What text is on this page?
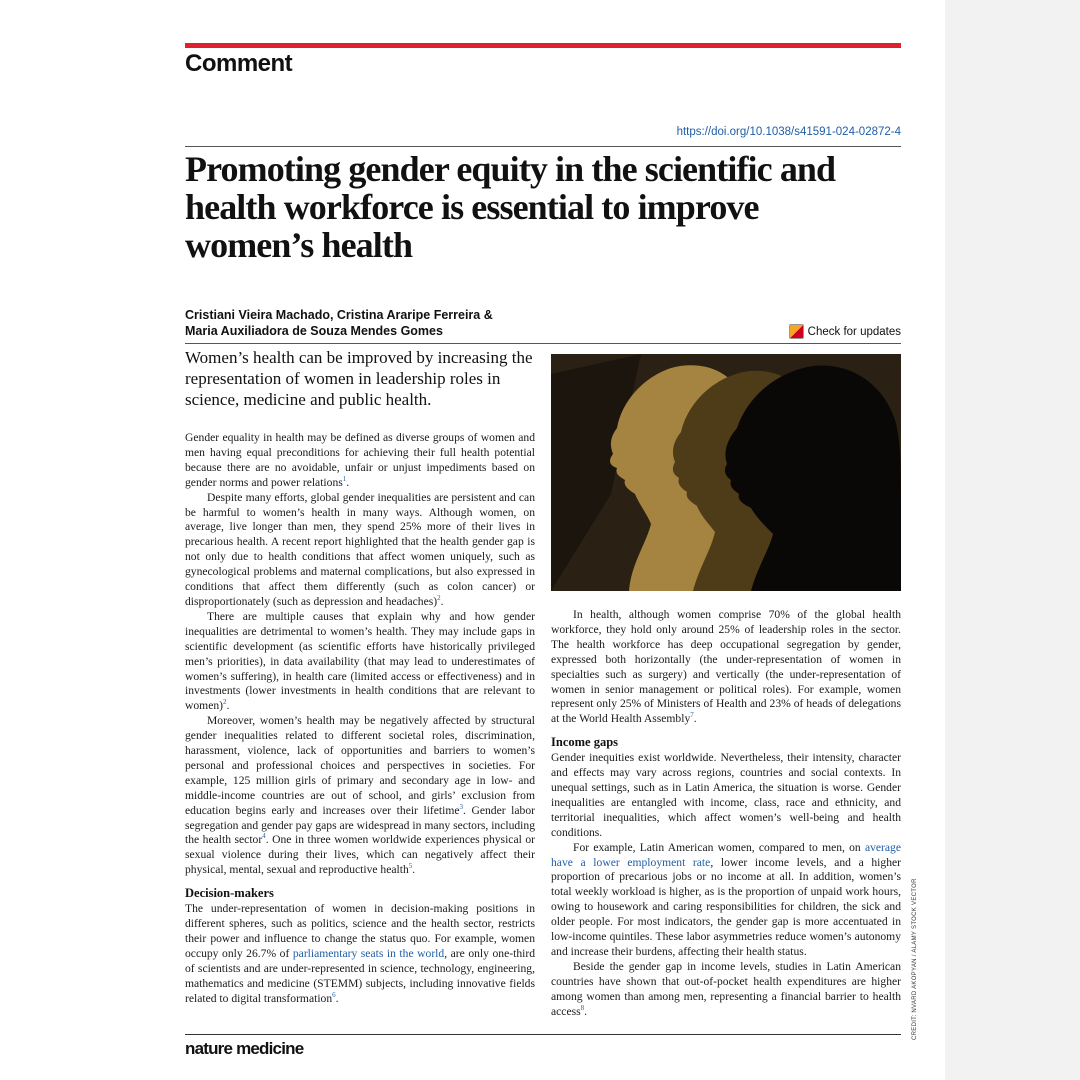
Comment
https://doi.org/10.1038/s41591-024-02872-4
Promoting gender equity in the scientific and health workforce is essential to improve women’s health
Cristiani Vieira Machado, Cristina Araripe Ferreira &
Maria Auxiliadora de Souza Mendes Gomes	Check for updates
Women’s health can be improved by increasing the representation of women in leadership roles in science, medicine and public health.

Gender equality in health may be defined as diverse groups of women and men having equal preconditions for achieving their full health potential because there are no avoidable, unfair or unjust impediments based on gender norms and power relations$^1$.

Despite many efforts, global gender inequalities are persistent and can be harmful to women’s health in many ways. Although women, on average, live longer than men, they spend 25% more of their lives in precarious health. A recent report highlighted that the health gender gap is not only due to health conditions that affect women uniquely, such as gynecological problems and maternal complications, but also expressed in conditions that affect them differently (such as colon cancer) or disproportionately (such as depression and headaches)$^2$.

There are multiple causes that explain why and how gender inequalities are detrimental to women’s health. They may include gaps in scientific development (as scientific efforts have historically privileged men’s priorities), in data availability (that may lead to underestimates of women’s suffering), in health care (limited access or effectiveness) and in investments (lower investments in health conditions that are relevant to women)$^2$.

Moreover, women’s health may be negatively affected by structural gender inequalities related to different societal roles, discrimination, harassment, violence, lack of opportunities and barriers to women’s personal and professional choices and perspectives in societies. For example, 125 million girls of primary and secondary age in low- and middle-income countries are out of school, and girls’ exclusion from education begins early and increases over their lifetime$^3$. Gender labor segregation and gender pay gaps are widespread in many sectors, including the health sector$^4$. One in three women worldwide experiences physical or sexual violence during their lives, which can negatively affect their physical, mental, sexual and reproductive health$^5$.

Decision-makers

The under-representation of women in decision-making positions in different spheres, such as politics, science and the health sector, restricts their power and influence to change the status quo. For example, women occupy only 26.7% of parliamentary seats in the world, are only one-third of scientists and are under-represented in science, technology, engineering, mathematics and medicine (STEMM) subjects, including innovative fields related to digital transformation$^6$.

In health, although women comprise 70% of the global health workforce, they hold only around 25% of leadership roles in the sector. The health workforce has deep occupational segregation by gender, expressed both horizontally (the under-representation of women in specialties such as surgery) and vertically (the under-representation of women in senior management or political roles). For example, women represent only 25% of Ministers of Health and 23% of heads of delegations at the World Health Assembly$^7$.

Income gaps

Gender inequities exist worldwide. Nevertheless, their intensity, character and effects may vary across regions, countries and social contexts. In unequal settings, such as in Latin America, the situation is worse. Gender inequalities are entangled with income, class, race and ethnicity, and territorial inequalities, which affect women’s well-being and health conditions.

For example, Latin American women, compared to men, on average have a lower employment rate, lower income levels, and a higher proportion of precarious jobs or no income at all. In addition, women’s total weekly workload is higher, as is the proportion of unpaid work hours, owing to housework and caring responsibilities for children, the sick and older people. For most indicators, the gender gap is more accentuated in low-income quintiles. These labor asymmetries reduce women’s autonomy and increase their burdens, affecting their health status.

Beside the gender gap in income levels, studies in Latin American countries have shown that out-of-pocket health expenditures are higher among women than among men, representing a financial barrier to health access$^8$.	CREDIT: NVARD AKOPYAN / ALAMY STOCK VECTOR
nature medicine
